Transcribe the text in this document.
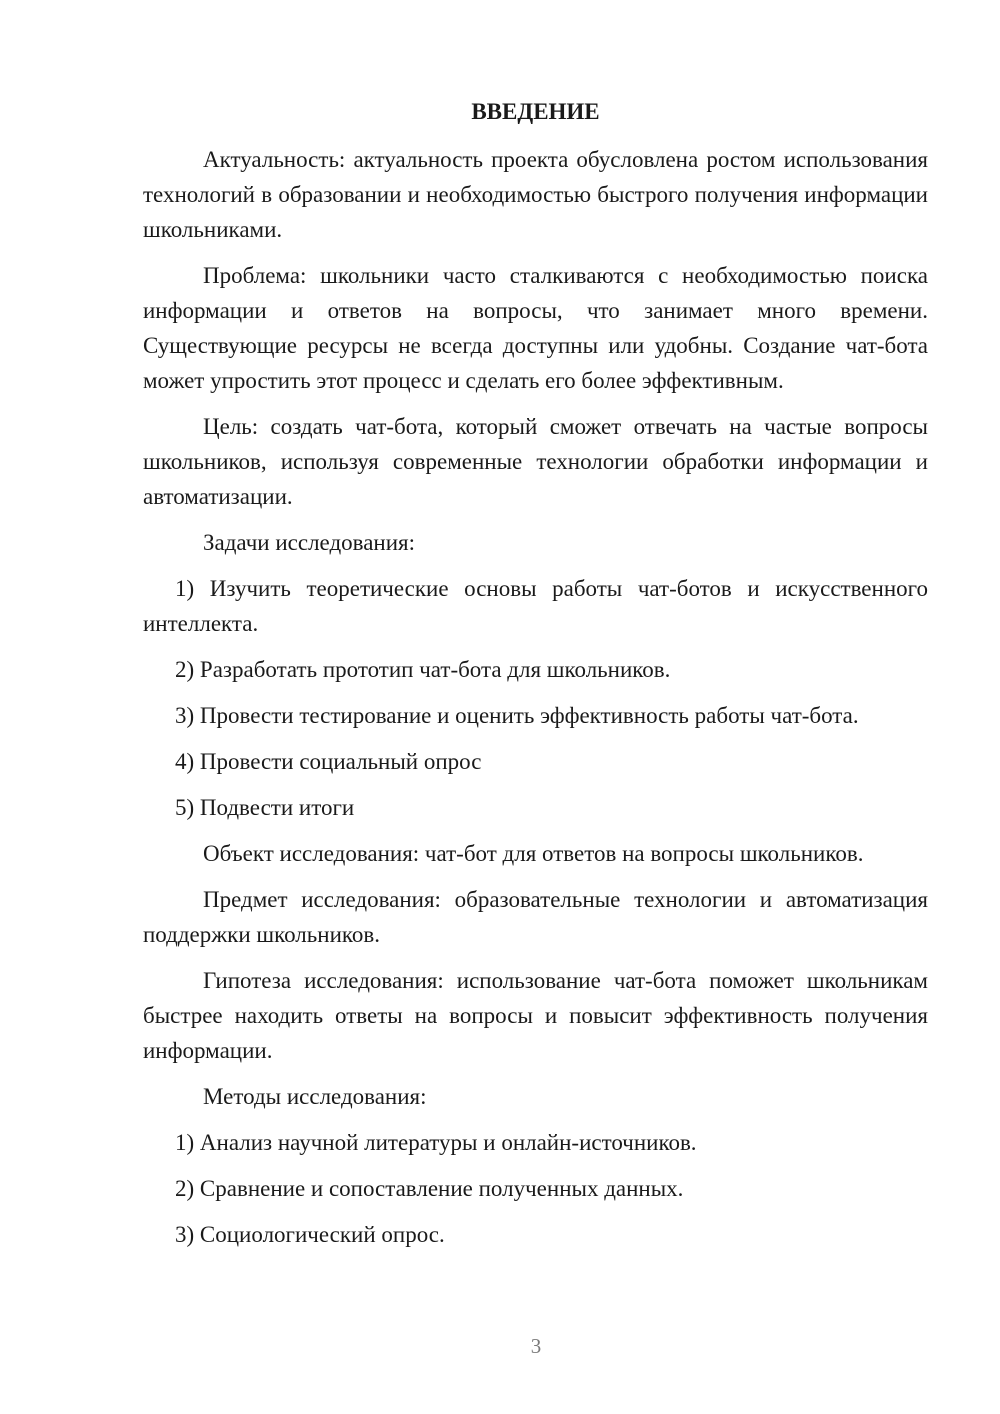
ВВЕДЕНИЕ
Актуальность: актуальность проекта обусловлена ростом использования технологий в образовании и необходимостью быстрого получения информации школьниками.
Проблема: школьники часто сталкиваются с необходимостью поиска информации и ответов на вопросы, что занимает много времени. Существующие ресурсы не всегда доступны или удобны. Создание чат-бота может упростить этот процесс и сделать его более эффективным.
Цель: создать чат-бота, который сможет отвечать на частые вопросы школьников, используя современные технологии обработки информации и автоматизации.
Задачи исследования:
1) Изучить теоретические основы работы чат-ботов и искусственного интеллекта.
2) Разработать прототип чат-бота для школьников.
3) Провести тестирование и оценить эффективность работы чат-бота.
4) Провести социальный опрос
5) Подвести итоги
Объект исследования: чат-бот для ответов на вопросы школьников.
Предмет исследования: образовательные технологии и автоматизация поддержки школьников.
Гипотеза исследования: использование чат-бота поможет школьникам быстрее находить ответы на вопросы и повысит эффективность получения информации.
Методы исследования:
1) Анализ научной литературы и онлайн-источников.
2) Сравнение и сопоставление полученных данных.
3) Социологический опрос.
3
